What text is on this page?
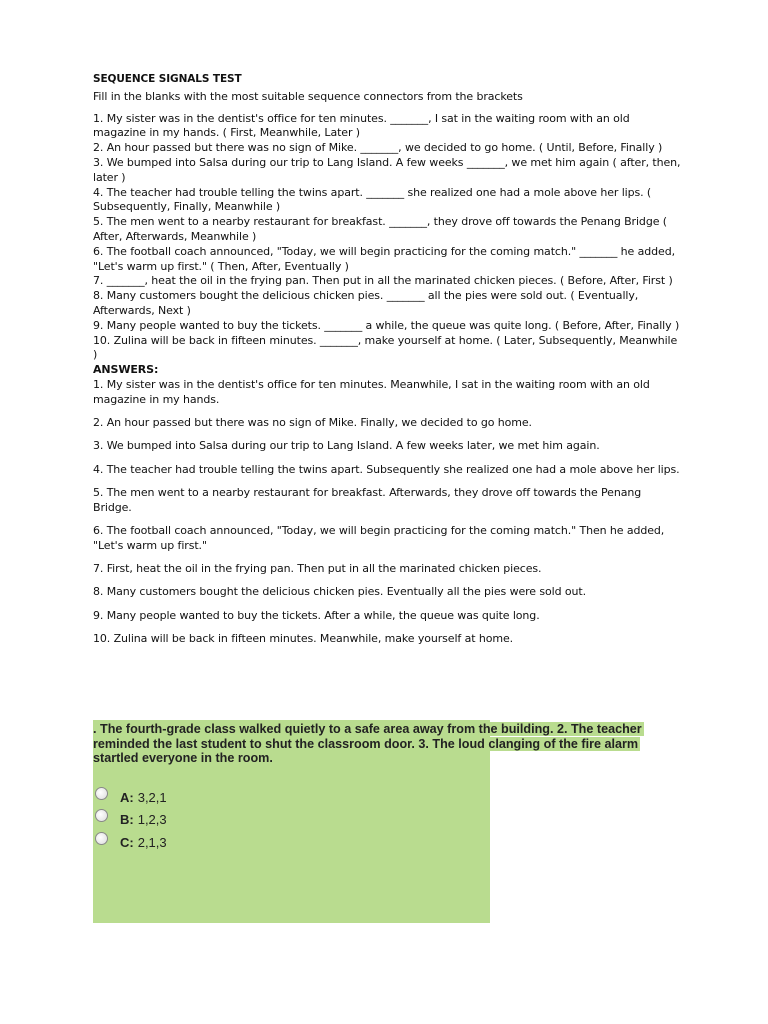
SEQUENCE SIGNALS TEST

Fill in the blanks with the most suitable sequence connectors from the brackets

1. My sister was in the dentist's office for ten minutes. _______, I sat in the waiting room with an old magazine in my hands. ( First, Meanwhile, Later )

2. An hour passed but there was no sign of Mike. _______, we decided to go home. ( Until, Before, Finally )

3. We bumped into Salsa during our trip to Lang Island. A few weeks _______, we met him again ( after, then, later )

4. The teacher had trouble telling the twins apart. _______ she realized one had a mole above her lips. ( Subsequently, Finally, Meanwhile )

5. The men went to a nearby restaurant for breakfast. _______, they drove off towards the Penang Bridge ( After, Afterwards, Meanwhile )

6. The football coach announced, "Today, we will begin practicing for the coming match." _______ he added, "Let's warm up first." ( Then, After, Eventually )

7. _______, heat the oil in the frying pan. Then put in all the marinated chicken pieces. ( Before, After, First )

8. Many customers bought the delicious chicken pies. _______ all the pies were sold out. ( Eventually, Afterwards, Next )

9. Many people wanted to buy the tickets. _______ a while, the queue was quite long. ( Before, After, Finally )

10. Zulina will be back in fifteen minutes. _______, make yourself at home. ( Later, Subsequently, Meanwhile )

ANSWERS:

1. My sister was in the dentist's office for ten minutes. Meanwhile, I sat in the waiting room with an old magazine in my hands.

2. An hour passed but there was no sign of Mike. Finally, we decided to go home.

3. We bumped into Salsa during our trip to Lang Island. A few weeks later, we met him again.

4. The teacher had trouble telling the twins apart. Subsequently she realized one had a mole above her lips.

5. The men went to a nearby restaurant for breakfast. Afterwards, they drove off towards the Penang Bridge.

6. The football coach announced, "Today, we will begin practicing for the coming match." Then he added, "Let's warm up first."

7. First, heat the oil in the frying pan. Then put in all the marinated chicken pieces.

8. Many customers bought the delicious chicken pies. Eventually all the pies were sold out.

9. Many people wanted to buy the tickets. After a while, the queue was quite long.

10. Zulina will be back in fifteen minutes. Meanwhile, make yourself at home.

. The fourth-grade class walked quietly to a safe area away from the building. 2. The teacher reminded the last student to shut the classroom door. 3. The loud clanging of the fire alarm startled everyone in the room.

A: 3,2,1
B: 1,2,3
C: 2,1,3
